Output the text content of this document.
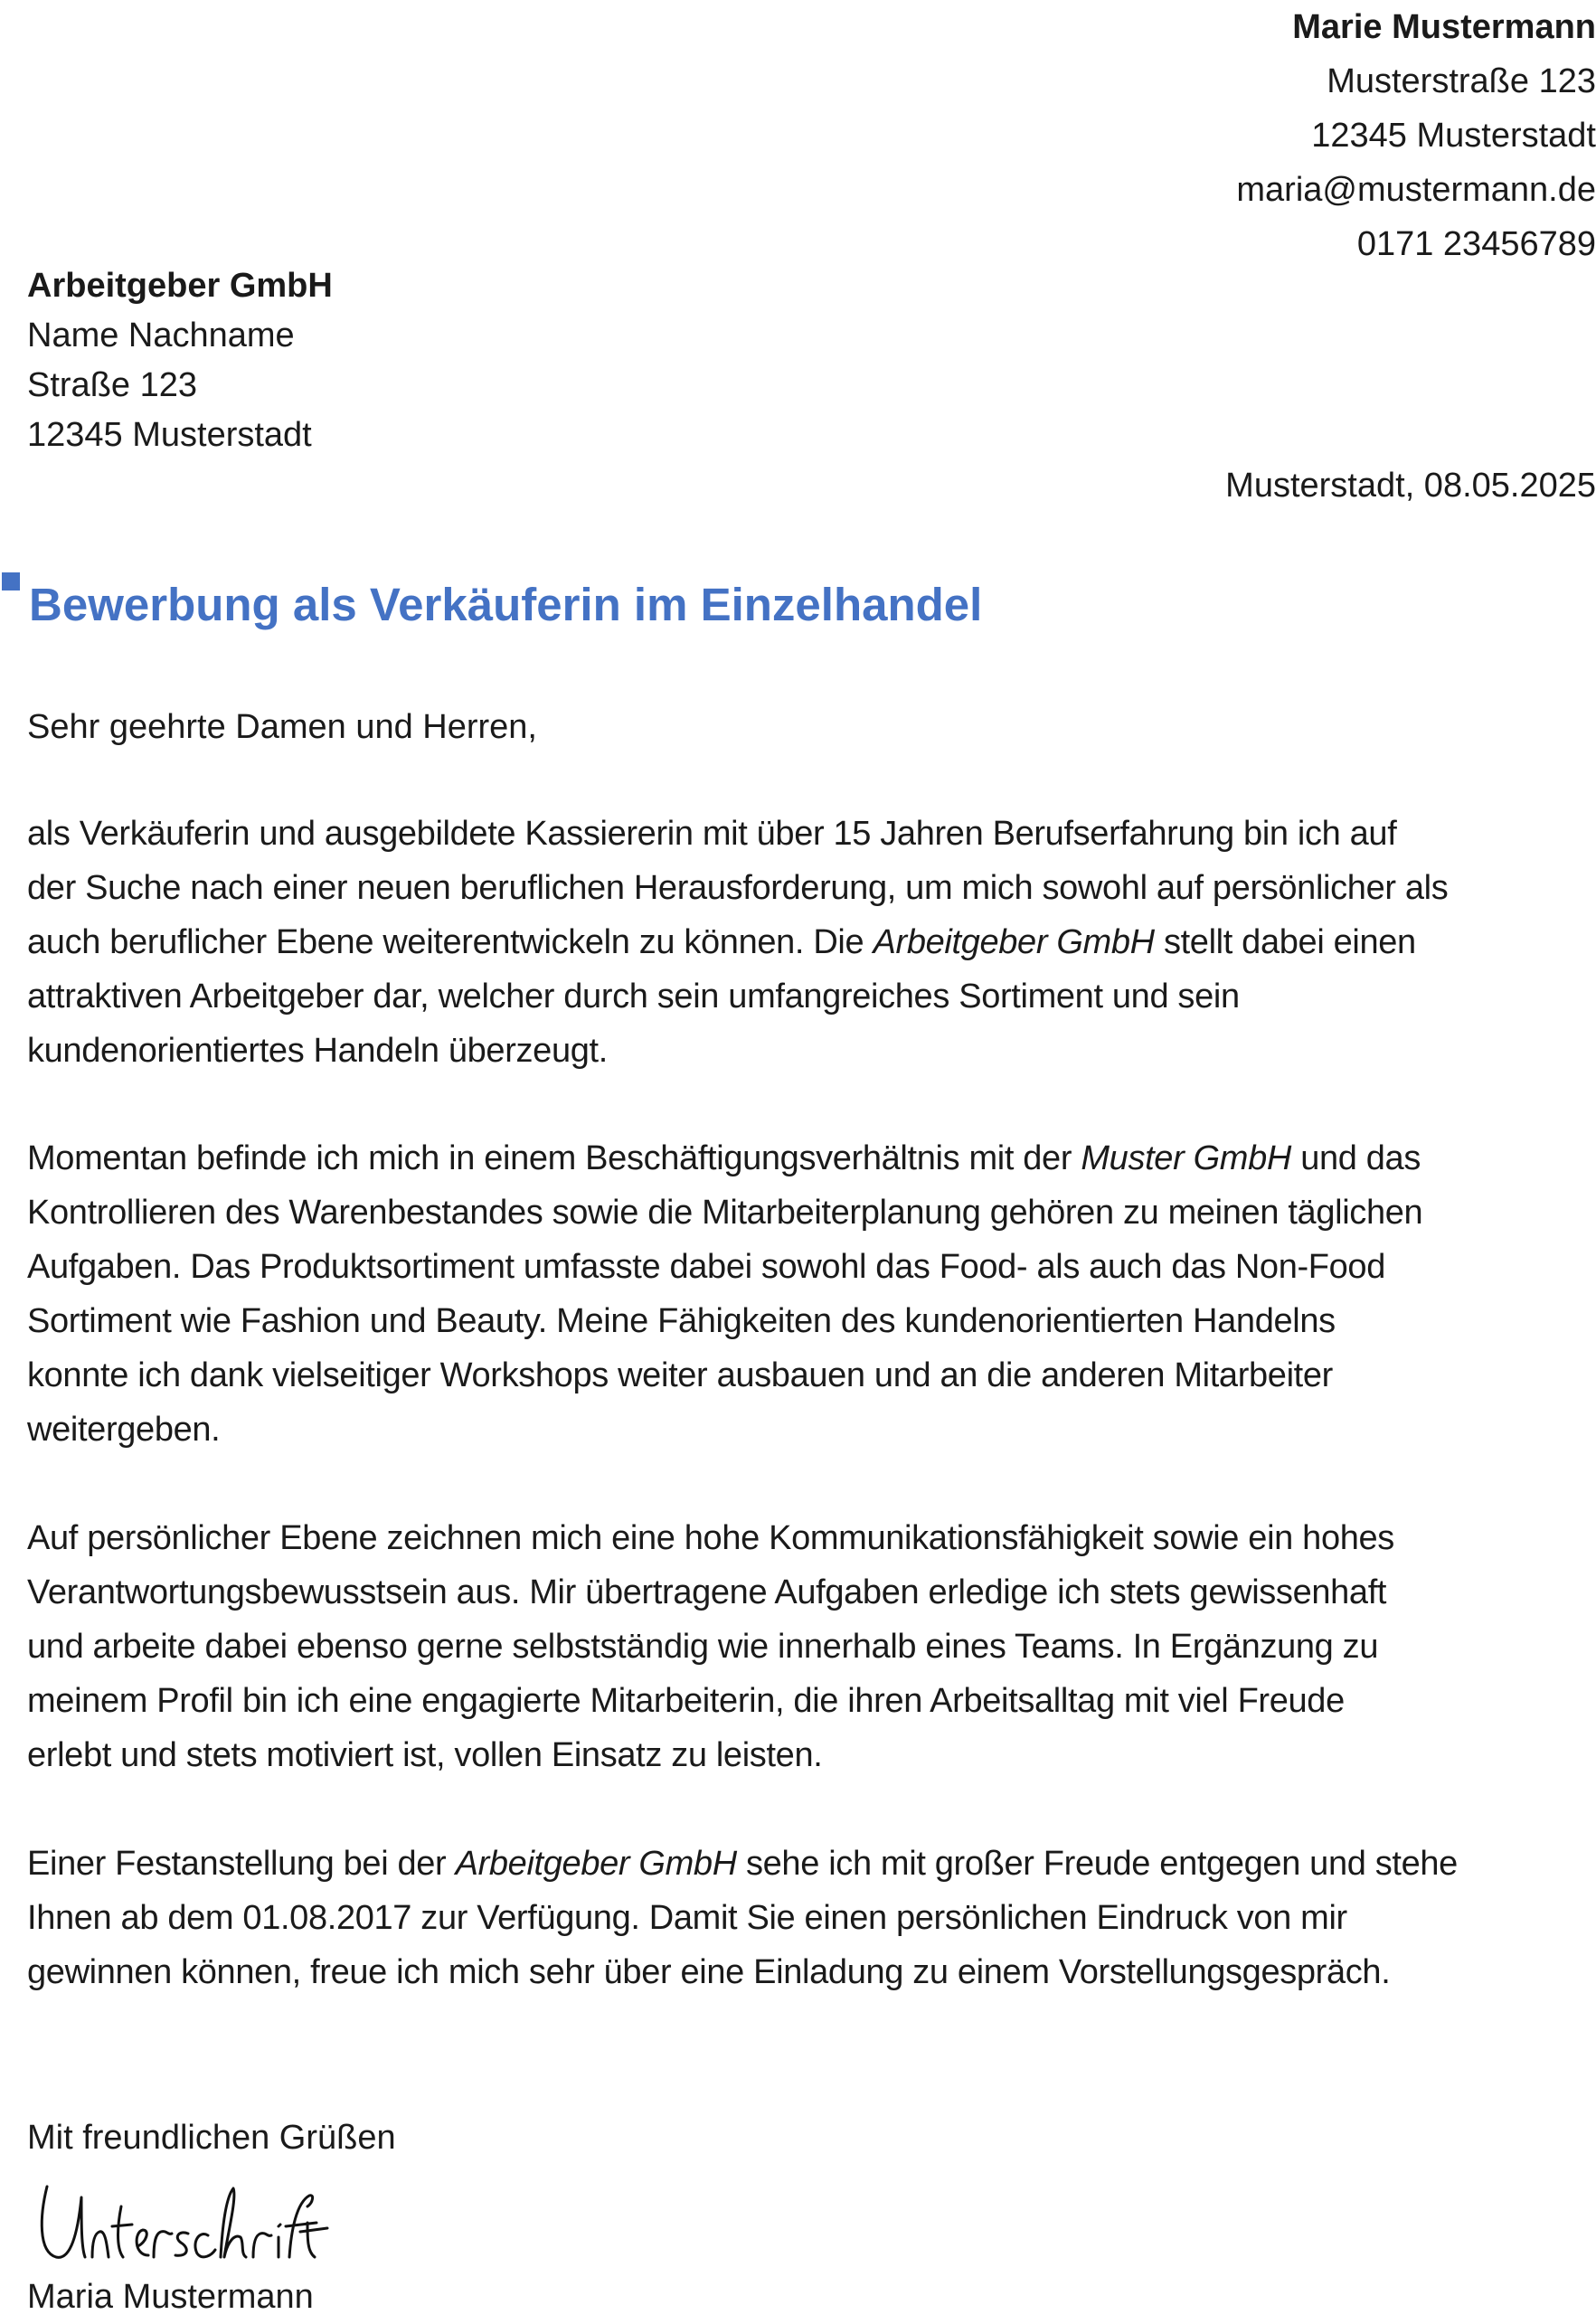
Marie Mustermann
Musterstraße 123
12345 Musterstadt
maria@mustermann.de
0171 23456789
Arbeitgeber GmbH
Name Nachname
Straße 123
12345 Musterstadt
Musterstadt, 08.05.2025
Bewerbung als Verkäuferin im Einzelhandel
Sehr geehrte Damen und Herren,

als Verkäuferin und ausgebildete Kassiererin mit über 15 Jahren Berufserfahrung bin ich auf
der Suche nach einer neuen beruflichen Herausforderung, um mich sowohl auf persönlicher als
auch beruflicher Ebene weiterentwickeln zu können. Die Arbeitgeber GmbH stellt dabei einen
attraktiven Arbeitgeber dar, welcher durch sein umfangreiches Sortiment und sein
kundenorientiertes Handeln überzeugt.

Momentan befinde ich mich in einem Beschäftigungsverhältnis mit der Muster GmbH und das
Kontrollieren des Warenbestandes sowie die Mitarbeiterplanung gehören zu meinen täglichen
Aufgaben. Das Produktsortiment umfasste dabei sowohl das Food- als auch das Non-Food
Sortiment wie Fashion und Beauty. Meine Fähigkeiten des kundenorientierten Handelns
konnte ich dank vielseitiger Workshops weiter ausbauen und an die anderen Mitarbeiter
weitergeben.

Auf persönlicher Ebene zeichnen mich eine hohe Kommunikationsfähigkeit sowie ein hohes
Verantwortungsbewusstsein aus. Mir übertragene Aufgaben erledige ich stets gewissenhaft
und arbeite dabei ebenso gerne selbstständig wie innerhalb eines Teams. In Ergänzung zu
meinem Profil bin ich eine engagierte Mitarbeiterin, die ihren Arbeitsalltag mit viel Freude
erlebt und stets motiviert ist, vollen Einsatz zu leisten.

Einer Festanstellung bei der Arbeitgeber GmbH sehe ich mit großer Freude entgegen und stehe
Ihnen ab dem 01.08.2017 zur Verfügung. Damit Sie einen persönlichen Eindruck von mir
gewinnen können, freue ich mich sehr über eine Einladung zu einem Vorstellungsgespräch.

Mit freundlichen Grüßen
Maria Mustermann
